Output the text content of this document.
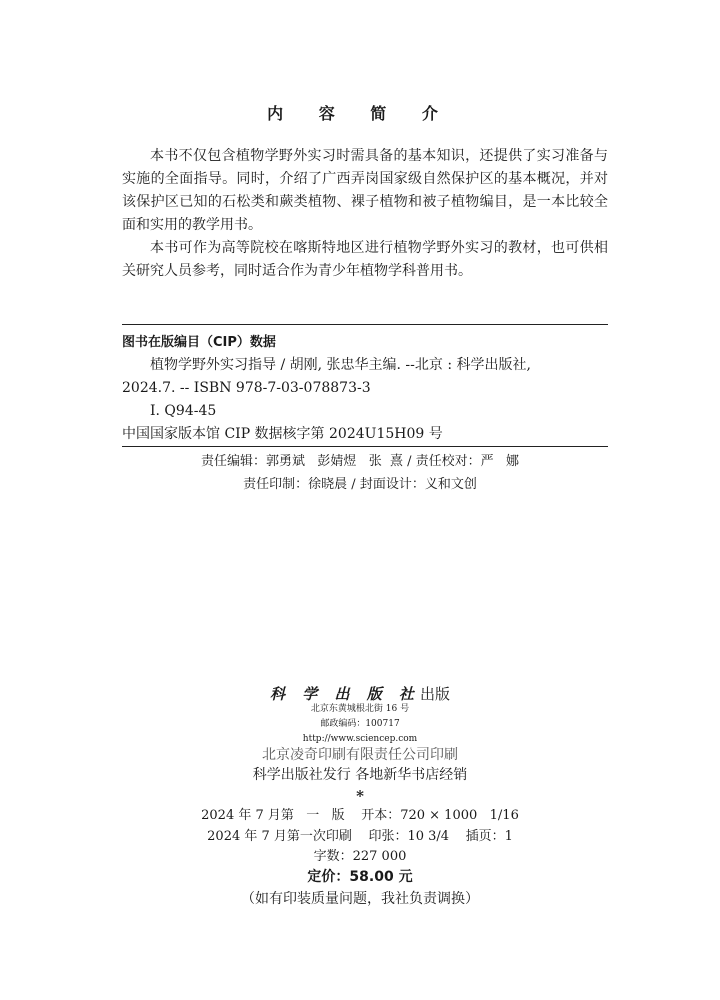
内 容 简 介

本书不仅包含植物学野外实习时需具备的基本知识，还提供了实习准备与实施的全面指导。同时，介绍了广西弄岗国家级自然保护区的基本概况，并对该保护区已知的石松类和蕨类植物、裸子植物和被子植物编目，是一本比较全面和实用的教学用书。

本书可作为高等院校在喀斯特地区进行植物学野外实习的教材，也可供相关研究人员参考，同时适合作为青少年植物学科普用书。

图书在版编目（CIP）数据
植物学野外实习指导 / 胡刚, 张忠华主编. --北京 : 科学出版社,
2024.7. -- ISBN 978-7-03-078873-3
Ⅰ. Q94-45
中国国家版本馆 CIP 数据核字第 2024U15H09 号
责任编辑：郭勇斌   彭婧煜   张  熹 / 责任校对：严   娜
责任印制：徐晓晨 / 封面设计：义和文创
科 学 出 版 社出版
北京东黄城根北街 16 号
邮政编码：100717
http://www.sciencep.com
北京凌奇印刷有限责任公司印刷
科学出版社发行 各地新华书店经销
*
2024 年 7 月第   一   版    开本：720 × 1000   1/16
2024 年 7 月第一次印刷    印张：10 3/4    插页：1
字数：227 000
定价：58.00 元
（如有印装质量问题，我社负责调换）
